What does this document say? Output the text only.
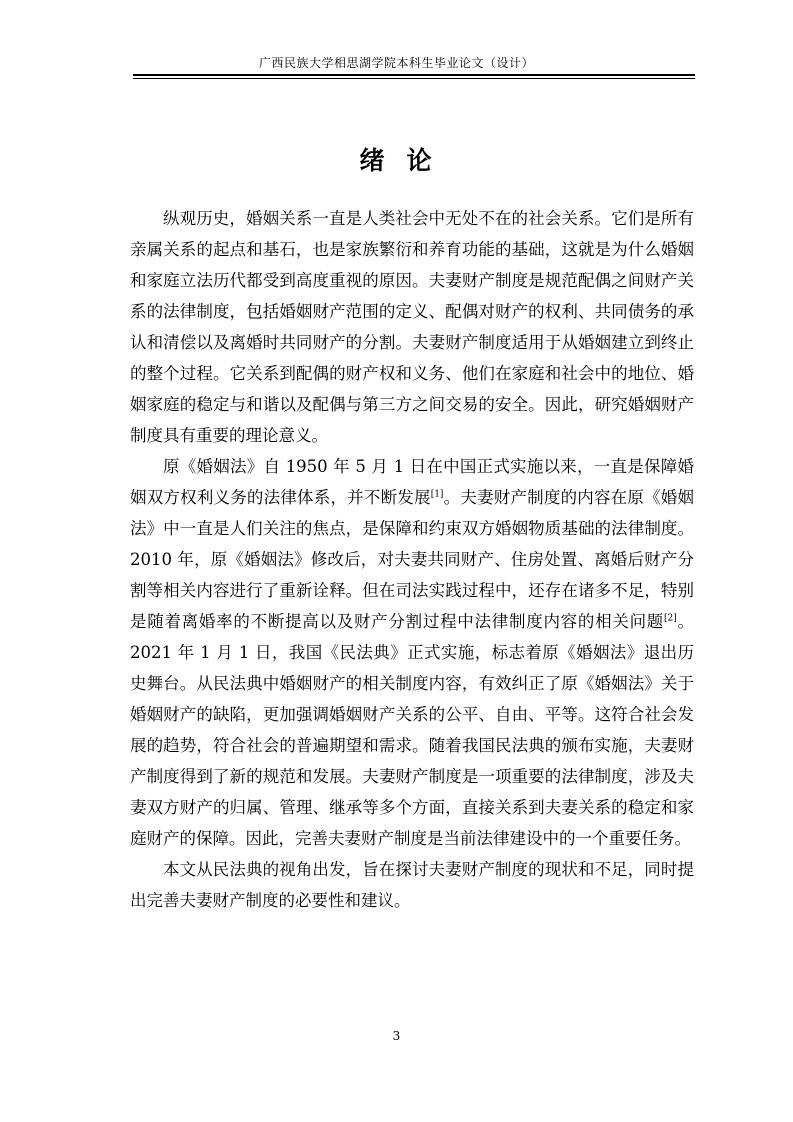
广西民族大学相思湖学院本科生毕业论文（设计）
绪 论

纵观历史，婚姻关系一直是人类社会中无处不在的社会关系。它们是所有亲属关系的起点和基石，也是家族繁衍和养育功能的基础，这就是为什么婚姻和家庭立法历代都受到高度重视的原因。夫妻财产制度是规范配偶之间财产关系的法律制度，包括婚姻财产范围的定义、配偶对财产的权利、共同债务的承认和清偿以及离婚时共同财产的分割。夫妻财产制度适用于从婚姻建立到终止的整个过程。它关系到配偶的财产权和义务、他们在家庭和社会中的地位、婚姻家庭的稳定与和谐以及配偶与第三方之间交易的安全。因此，研究婚姻财产制度具有重要的理论意义。

原《婚姻法》自 1950 年 5 月 1 日在中国正式实施以来，一直是保障婚姻双方权利义务的法律体系，并不断发展[1]。夫妻财产制度的内容在原《婚姻法》中一直是人们关注的焦点，是保障和约束双方婚姻物质基础的法律制度。2010 年，原《婚姻法》修改后，对夫妻共同财产、住房处置、离婚后财产分割等相关内容进行了重新诠释。但在司法实践过程中，还存在诸多不足，特别是随着离婚率的不断提高以及财产分割过程中法律制度内容的相关问题[2]。2021 年 1 月 1 日，我国《民法典》正式实施，标志着原《婚姻法》退出历史舞台。从民法典中婚姻财产的相关制度内容，有效纠正了原《婚姻法》关于婚姻财产的缺陷，更加强调婚姻财产关系的公平、自由、平等。这符合社会发展的趋势，符合社会的普遍期望和需求。随着我国民法典的颁布实施，夫妻财产制度得到了新的规范和发展。夫妻财产制度是一项重要的法律制度，涉及夫妻双方财产的归属、管理、继承等多个方面，直接关系到夫妻关系的稳定和家庭财产的保障。因此，完善夫妻财产制度是当前法律建设中的一个重要任务。

本文从民法典的视角出发，旨在探讨夫妻财产制度的现状和不足，同时提出完善夫妻财产制度的必要性和建议。

3
